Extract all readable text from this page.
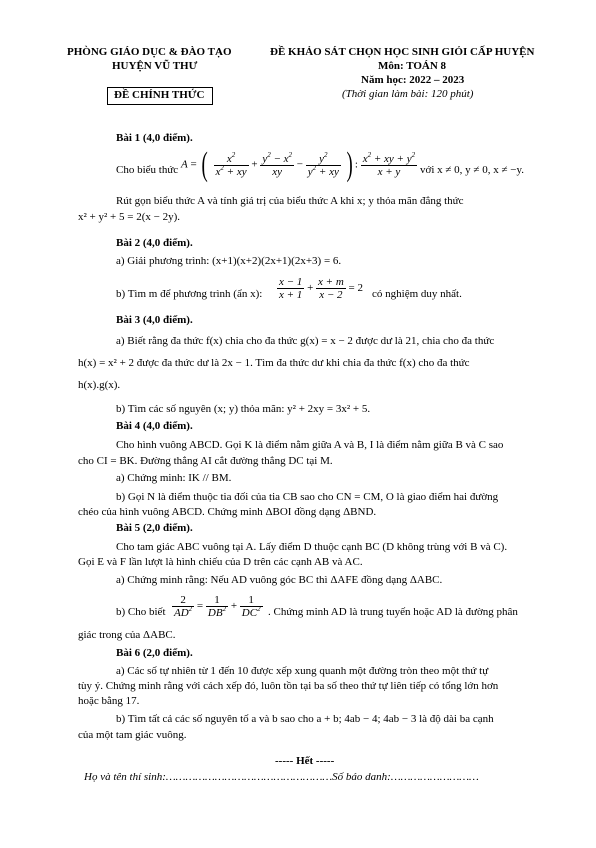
PHÒNG GIÁO DỤC & ĐÀO TẠO
HUYỆN VŨ THƯ
ĐỀ CHÍNH THỨC
ĐỀ KHẢO SÁT CHỌN HỌC SINH GIỎI CẤP HUYỆN
Môn: TOÁN 8
Năm học: 2022 – 2023
(Thời gian làm bài: 120 phút)
Bài 1 (4,0 điểm).
Cho biểu thức A = ( $\frac{x^2}{x^2 + xy} + \frac{y^2 - x^2}{xy} - \frac{y^2}{y^2 + xy}$ ) : $\frac{x^2 + xy + y^2}{x + y}$ với x ≠ 0, y ≠ 0, x ≠ −y.
Rút gọn biểu thức A và tính giá trị của biểu thức A khi x; y thỏa mãn đẳng thức
x² + y² + 5 = 2(x − 2y).
Bài 2 (4,0 điểm).
a) Giải phương trình: (x+1)(x+2)(2x+1)(2x+3) = 6.
b) Tìm m để phương trình (ẩn x): $\frac{x - 1}{x + 1} + \frac{x + m}{x - 2} = 2$ có nghiệm duy nhất.
Bài 3 (4,0 điểm).
a) Biết rằng đa thức f(x) chia cho đa thức g(x) = x − 2 được dư là 21, chia cho đa thức
h(x) = x² + 2 được đa thức dư là 2x − 1. Tìm đa thức dư khi chia đa thức f(x) cho đa thức
h(x).g(x).
b) Tìm các số nguyên (x; y) thỏa mãn: y² + 2xy = 3x² + 5.
Bài 4 (4,0 điểm).
Cho hình vuông ABCD. Gọi K là điểm nằm giữa A và B, I là điểm nằm giữa B và C sao
cho CI = BK. Đường thẳng AI cắt đường thẳng DC tại M.
a) Chứng minh: IK // BM.
b) Gọi N là điểm thuộc tia đối của tia CB sao cho CN = CM, O là giao điểm hai đường
chéo của hình vuông ABCD. Chứng minh ΔBOI đồng dạng ΔBND.
Bài 5 (2,0 điểm).
Cho tam giác ABC vuông tại A. Lấy điểm D thuộc cạnh BC (D không trùng với B và C).
Gọi E và F lần lượt là hình chiếu của D trên các cạnh AB và AC.
a) Chứng minh rằng: Nếu AD vuông góc BC thì ΔAFE đồng dạng ΔABC.
b) Cho biết $\frac{2}{AD^2} = \frac{1}{DB^2} + \frac{1}{DC^2}$ . Chứng minh AD là trung tuyến hoặc AD là đường phân
giác trong của ΔABC.
Bài 6 (2,0 điểm).
a) Các số tự nhiên từ 1 đến 10 được xếp xung quanh một đường tròn theo một thứ tự
tùy ý. Chứng minh rằng với cách xếp đó, luôn tồn tại ba số theo thứ tự liên tiếp có tổng lớn hơn
hoặc bằng 17.
b) Tìm tất cả các số nguyên tố a và b sao cho a + b; 4ab − 4; 4ab − 3 là độ dài ba cạnh
của một tam giác vuông.
----- Hết -----
Họ và tên thí sinh:……………………………………………Số báo danh:………………………
